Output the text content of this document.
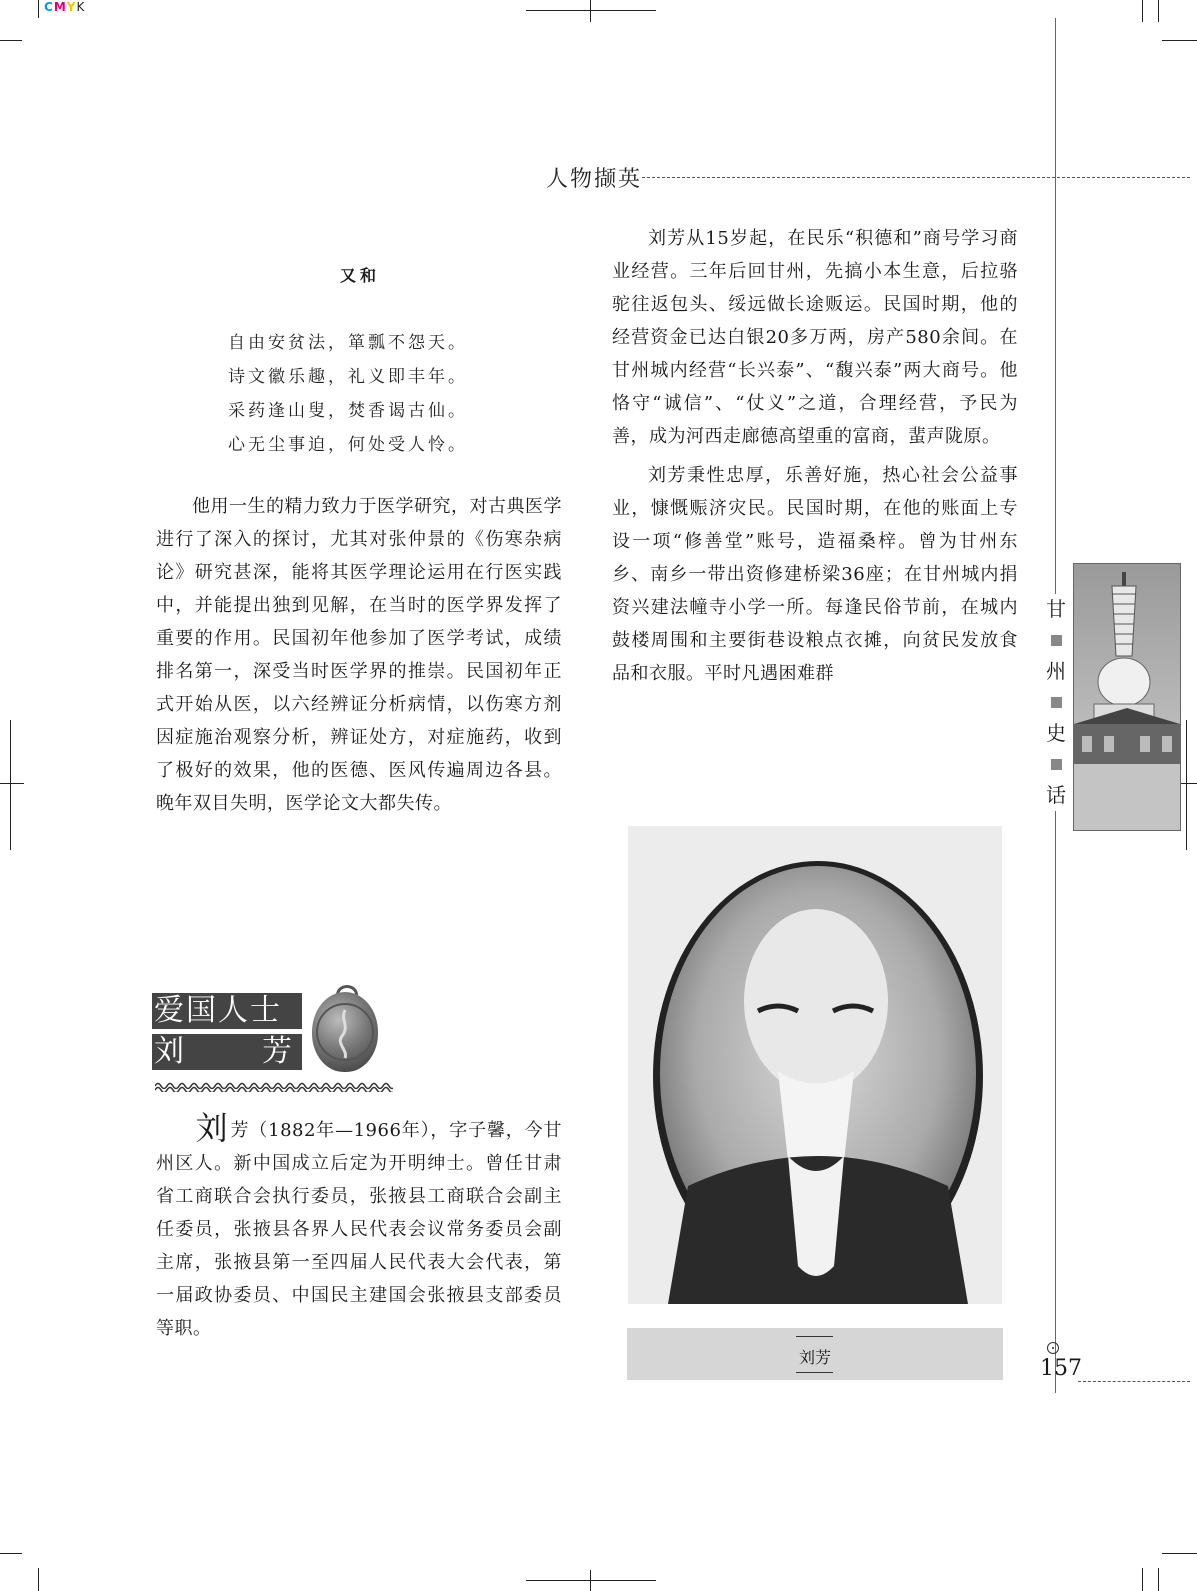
CMYK
人物撷英
又和
自由安贫法，箪瓢不怨天。
诗文徽乐趣，礼义即丰年。
采药逢山叟，焚香谒古仙。
心无尘事迫，何处受人怜。

他用一生的精力致力于医学研究，对古典医学进行了深入的探讨，尤其对张仲景的《伤寒杂病论》研究甚深，能将其医学理论运用在行医实践中，并能提出独到见解，在当时的医学界发挥了重要的作用。民国初年他参加了医学考试，成绩排名第一，深受当时医学界的推崇。民国初年正式开始从医，以六经辨证分析病情，以伤寒方剂因症施治观察分析，辨证处方，对症施药，收到了极好的效果，他的医德、医风传遍周边各县。晚年双目失明，医学论文大都失传。

爱国人士
刘	芳

刘芳（1882年—1966年），字子馨，今甘州区人。新中国成立后定为开明绅士。曾任甘肃省工商联合会执行委员，张掖县工商联合会副主任委员，张掖县各界人民代表会议常务委员会副主席，张掖县第一至四届人民代表大会代表，第一届政协委员、中国民主建国会张掖县支部委员等职。

刘芳从15岁起，在民乐“积德和”商号学习商业经营。三年后回甘州，先搞小本生意，后拉骆驼往返包头、绥远做长途贩运。民国时期，他的经营资金已达白银20多万两，房产580余间。在甘州城内经营“长兴泰”、“馥兴泰”两大商号。他恪守“诚信”、“仗义”之道，合理经营，予民为善，成为河西走廊德高望重的富商，蜚声陇原。

刘芳秉性忠厚，乐善好施，热心社会公益事业，慷慨赈济灾民。民国时期，在他的账面上专设一项“修善堂”账号，造福桑梓。曾为甘州东乡、南乡一带出资修建桥梁36座；在甘州城内捐资兴建法幢寺小学一所。每逢民俗节前，在城内鼓楼周围和主要街巷设粮点衣摊，向贫民发放食品和衣服。平时凡遇困难群

刘芳
甘
州
史
话
157
